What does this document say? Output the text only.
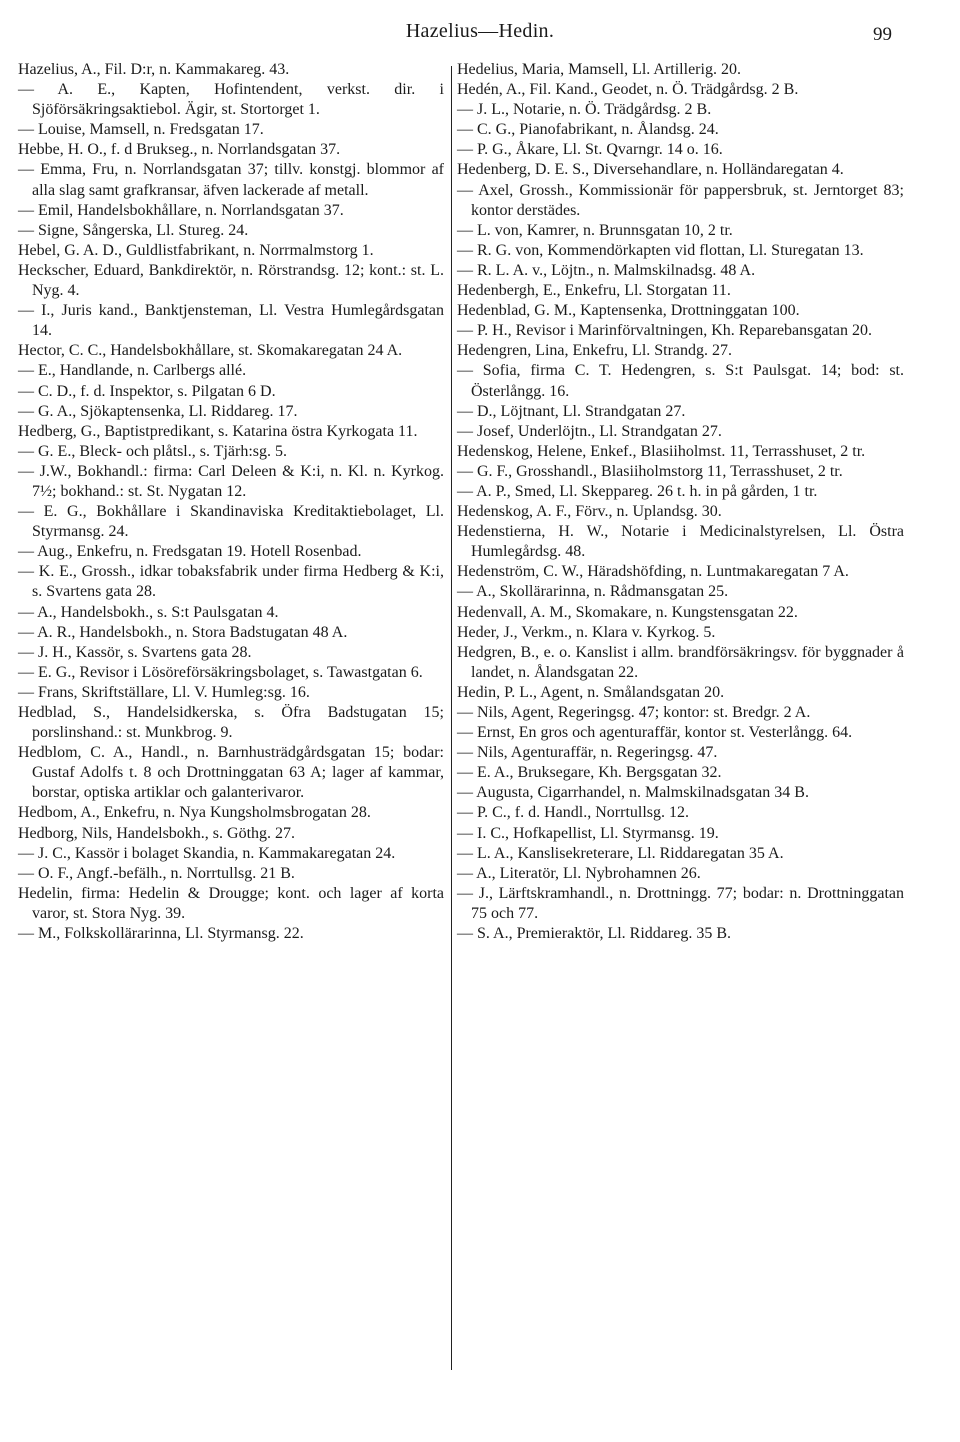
Hazelius—Hedin.	99

Hazelius, A., Fil. D:r, n. Kammakareg. 43.

— A. E., Kapten, Hofintendent, verkst. dir. i Sjöförsäkringsaktiebol. Ägir, st. Stortorget 1.

— Louise, Mamsell, n. Fredsgatan 17.

Hebbe, H. O., f. d Brukseg., n. Norrlandsgatan 37.

— Emma, Fru, n. Norrlandsgatan 37; tillv. konstgj. blommor af alla slag samt grafkransar, äfven lackerade af metall.

— Emil, Handelsbokhållare, n. Norrlandsgatan 37.

— Signe, Sångerska, Ll. Stureg. 24.

Hebel, G. A. D., Guldlistfabrikant, n. Norrmalmstorg 1.

Heckscher, Eduard, Bankdirektör, n. Rörstrandsg. 12; kont.: st. L. Nyg. 4.

— I., Juris kand., Banktjensteman, Ll. Vestra Humlegårdsgatan 14.

Hector, C. C., Handelsbokhållare, st. Skomakaregatan 24 A.

— E., Handlande, n. Carlbergs allé.

— C. D., f. d. Inspektor, s. Pilgatan 6 D.

— G. A., Sjökaptensenka, Ll. Riddareg. 17.

Hedberg, G., Baptistpredikant, s. Katarina östra Kyrkogata 11.

— G. E., Bleck- och plåtsl., s. Tjärh:sg. 5.

— J.W., Bokhandl.: firma: Carl Deleen & K:i, n. Kl. n. Kyrkog. 7½; bokhand.: st. St. Nygatan 12.

— E. G., Bokhållare i Skandinaviska Kreditaktiebolaget, Ll. Styrmansg. 24.

— Aug., Enkefru, n. Fredsgatan 19. Hotell Rosenbad.

— K. E., Grossh., idkar tobaksfabrik under firma Hedberg & K:i, s. Svartens gata 28.

— A., Handelsbokh., s. S:t Paulsgatan 4.

— A. R., Handelsbokh., n. Stora Badstugatan 48 A.

— J. H., Kassör, s. Svartens gata 28.

— E. G., Revisor i Lösöreförsäkringsbolaget, s. Tawastgatan 6.

— Frans, Skriftställare, Ll. V. Humleg:sg. 16.

Hedblad, S., Handelsidkerska, s. Öfra Badstugatan 15; porslinshand.: st. Munkbrog. 9.

Hedblom, C. A., Handl., n. Barnhusträdgårdsgatan 15; bodar: Gustaf Adolfs t. 8 och Drottninggatan 63 A; lager af kammar, borstar, optiska artiklar och galanterivaror.

Hedbom, A., Enkefru, n. Nya Kungsholmsbrogatan 28.

Hedborg, Nils, Handelsbokh., s. Göthg. 27.

— J. C., Kassör i bolaget Skandia, n. Kammakaregatan 24.

— O. F., Angf.-befälh., n. Norrtullsg. 21 B.

Hedelin, firma: Hedelin & Drougge; kont. och lager af korta varor, st. Stora Nyg. 39.

— M., Folkskollärarinna, Ll. Styrmansg. 22.

Hedelius, Maria, Mamsell, Ll. Artillerig. 20.

Hedén, A., Fil. Kand., Geodet, n. Ö. Trädgårdsg. 2 B.

— J. L., Notarie, n. Ö. Trädgårdsg. 2 B.

— C. G., Pianofabrikant, n. Ålandsg. 24.

— P. G., Åkare, Ll. St. Qvarngr. 14 o. 16.

Hedenberg, D. E. S., Diversehandlare, n. Holländaregatan 4.

— Axel, Grossh., Kommissionär för pappersbruk, st. Jerntorget 83; kontor derstädes.

— L. von, Kamrer, n. Brunnsgatan 10, 2 tr.

— R. G. von, Kommendörkapten vid flottan, Ll. Sturegatan 13.

— R. L. A. v., Löjtn., n. Malmskilnadsg. 48 A.

Hedenbergh, E., Enkefru, Ll. Storgatan 11.

Hedenblad, G. M., Kaptensenka, Drottninggatan 100.

— P. H., Revisor i Marinförvaltningen, Kh. Reparebansgatan 20.

Hedengren, Lina, Enkefru, Ll. Strandg. 27.

— Sofia, firma C. T. Hedengren, s. S:t Paulsgat. 14; bod: st. Österlångg. 16.

— D., Löjtnant, Ll. Strandgatan 27.

— Josef, Underlöjtn., Ll. Strandgatan 27.

Hedenskog, Helene, Enkef., Blasiiholmst. 11, Terrasshuset, 2 tr.

— G. F., Grosshandl., Blasiiholmstorg 11, Terrasshuset, 2 tr.

— A. P., Smed, Ll. Skeppareg. 26 t. h. in på gården, 1 tr.

Hedenskog, A. F., Förv., n. Uplandsg. 30.

Hedenstierna, H. W., Notarie i Medicinalstyrelsen, Ll. Östra Humlegårdsg. 48.

Hedenström, C. W., Häradshöfding, n. Luntmakaregatan 7 A.

— A., Skollärarinna, n. Rådmansgatan 25.

Hedenvall, A. M., Skomakare, n. Kungstensgatan 22.

Heder, J., Verkm., n. Klara v. Kyrkog. 5.

Hedgren, B., e. o. Kanslist i allm. brandförsäkringsv. för byggnader å landet, n. Ålandsgatan 22.

Hedin, P. L., Agent, n. Smålandsgatan 20.

— Nils, Agent, Regeringsg. 47; kontor: st. Bredgr. 2 A.

— Ernst, En gros och agenturaffär, kontor st. Vesterlångg. 64.

— Nils, Agenturaffär, n. Regeringsg. 47.

— E. A., Bruksegare, Kh. Bergsgatan 32.

— Augusta, Cigarrhandel, n. Malmskilnadsgatan 34 B.

— P. C., f. d. Handl., Norrtullsg. 12.

— I. C., Hofkapellist, Ll. Styrmansg. 19.

— L. A., Kanslisekreterare, Ll. Riddaregatan 35 A.

— A., Literatör, Ll. Nybrohamnen 26.

— J., Lärftskramhandl., n. Drottningg. 77; bodar: n. Drottninggatan 75 och 77.

— S. A., Premieraktör, Ll. Riddareg. 35 B.
